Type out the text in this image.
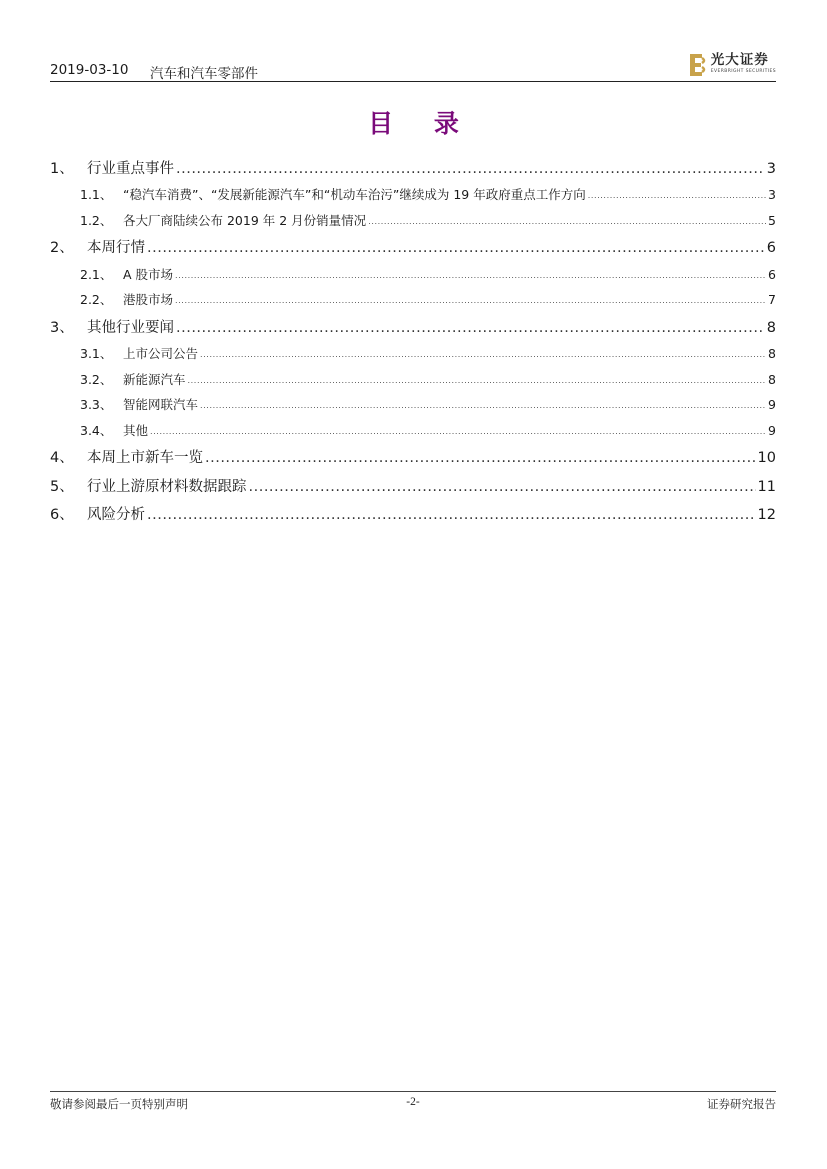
2019-03-10 汽车和汽车零部件
光大证券
EVERBRIGHT SECURITIES
目 录
1、 行业重点事件 .....	3
1.1、 “稳汽车消费”、“发展新能源汽车”和“机动车治污”继续成为 19 年政府重点工作方向 .....	3
1.2、 各大厂商陆续公布 2019 年 2 月份销量情况 .....	5
2、 本周行情 .....	6
2.1、 A 股市场 .....	6
2.2、 港股市场 .....	7
3、 其他行业要闻 .....	8
3.1、 上市公司公告 .....	8
3.2、 新能源汽车 .....	8
3.3、 智能网联汽车 .....	9
3.4、 其他 .....	9
4、 本周上市新车一览 .....	10
5、 行业上游原材料数据跟踪 .....	11
6、 风险分析 .....	12
敬请参阅最后一页特别声明	-2-	证券研究报告
